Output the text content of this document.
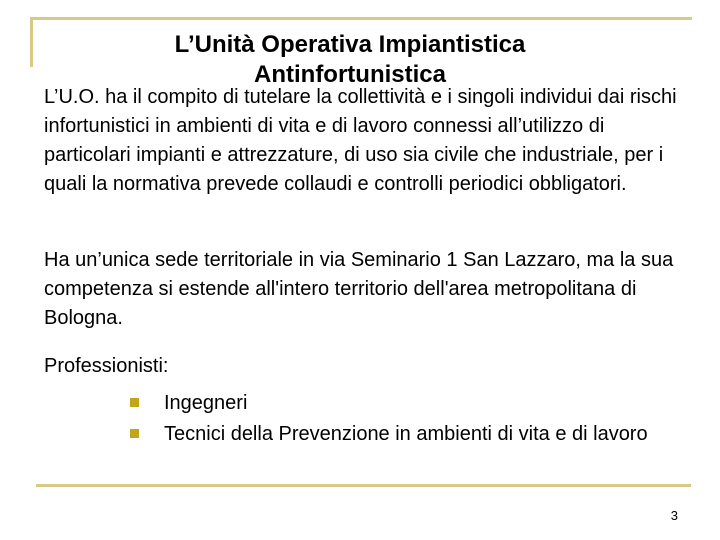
L’Unità Operativa Impiantistica Antinfortunistica

L’U.O. ha il compito di tutelare la collettività e i singoli individui dai rischi infortunistici in ambienti di vita e di lavoro connessi all’utilizzo di particolari impianti e attrezzature, di uso sia civile che industriale, per i quali la normativa prevede collaudi e controlli periodici obbligatori.

Ha un’unica sede territoriale in via Seminario 1 San Lazzaro, ma la sua competenza si estende all'intero territorio dell'area metropolitana di Bologna.

Professionisti:

Ingegneri
Tecnici della Prevenzione in ambienti di vita e di lavoro
3
